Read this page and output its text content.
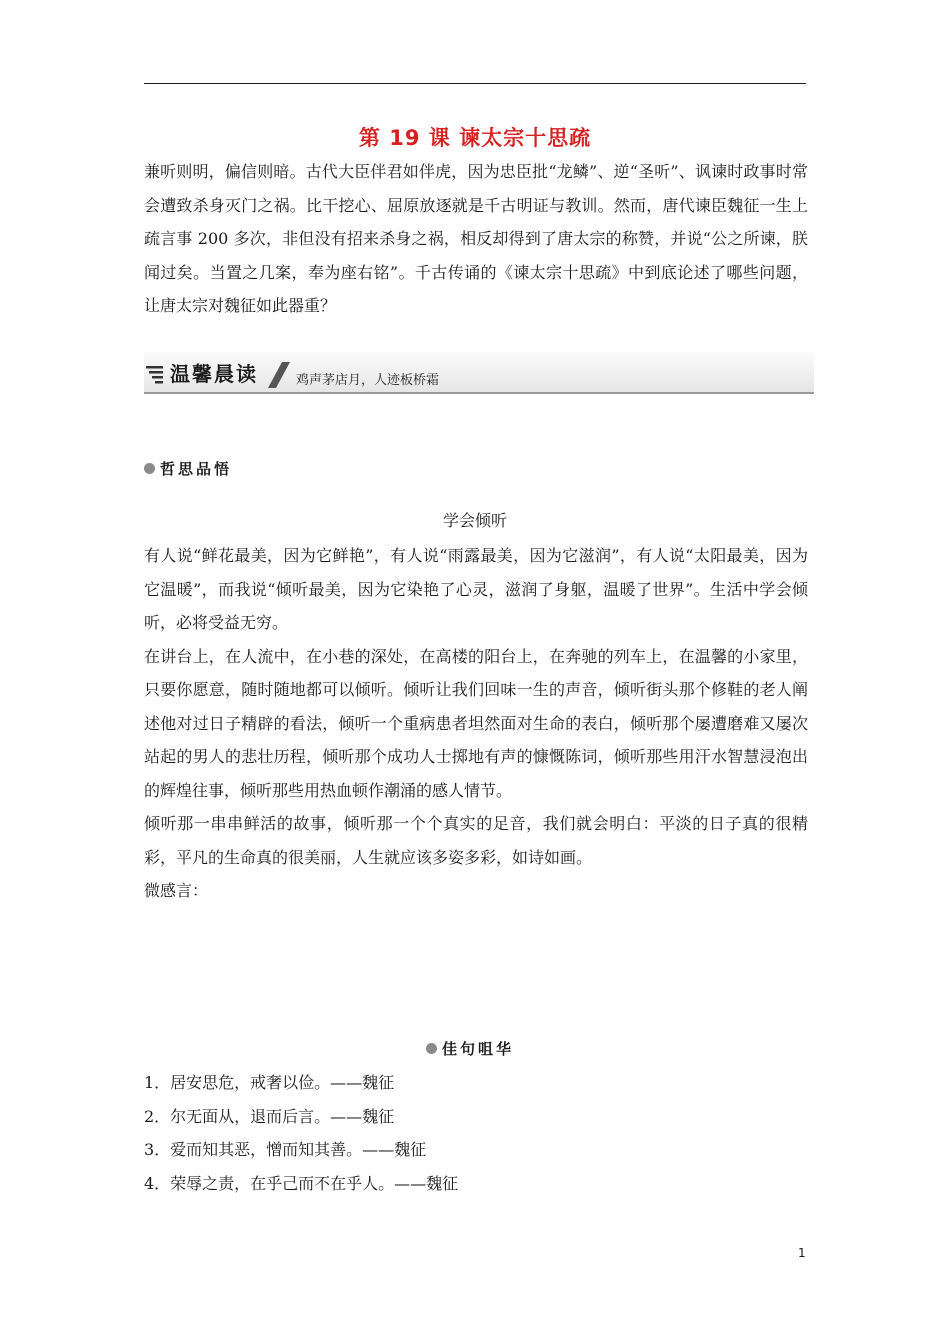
第 19 课 谏太宗十思疏

兼听则明，偏信则暗。古代大臣伴君如伴虎，因为忠臣批“龙鳞”、逆“圣听”、讽谏时政事时常会遭致杀身灭门之祸。比干挖心、屈原放逐就是千古明证与教训。然而，唐代谏臣魏征一生上疏言事 200 多次，非但没有招来杀身之祸，相反却得到了唐太宗的称赞，并说“公之所谏，朕闻过矣。当置之几案，奉为座右铭”。千古传诵的《谏太宗十思疏》中到底论述了哪些问题，让唐太宗对魏征如此器重？

温馨晨读	鸡声茅店月，人迹板桥霜
哲思品悟
学会倾听

有人说“鲜花最美，因为它鲜艳”，有人说“雨露最美，因为它滋润”，有人说“太阳最美，因为它温暖”，而我说“倾听最美，因为它染艳了心灵，滋润了身躯，温暖了世界”。生活中学会倾听，必将受益无穷。

在讲台上，在人流中，在小巷的深处，在高楼的阳台上，在奔驰的列车上，在温馨的小家里，只要你愿意，随时随地都可以倾听。倾听让我们回味一生的声音，倾听街头那个修鞋的老人阐述他对过日子精辟的看法，倾听一个重病患者坦然面对生命的表白，倾听那个屡遭磨难又屡次站起的男人的悲壮历程，倾听那个成功人士掷地有声的慷慨陈词，倾听那些用汗水智慧浸泡出的辉煌往事，倾听那些用热血顿作潮涌的感人情节。

倾听那一串串鲜活的故事，倾听那一个个真实的足音，我们就会明白：平淡的日子真的很精彩，平凡的生命真的很美丽，人生就应该多姿多彩，如诗如画。

微感言：

佳句咀华
1．居安思危，戒奢以俭。——魏征
2．尔无面从，退而后言。——魏征
3．爱而知其恶，憎而知其善。——魏征
4．荣辱之责，在乎己而不在乎人。——魏征
1
